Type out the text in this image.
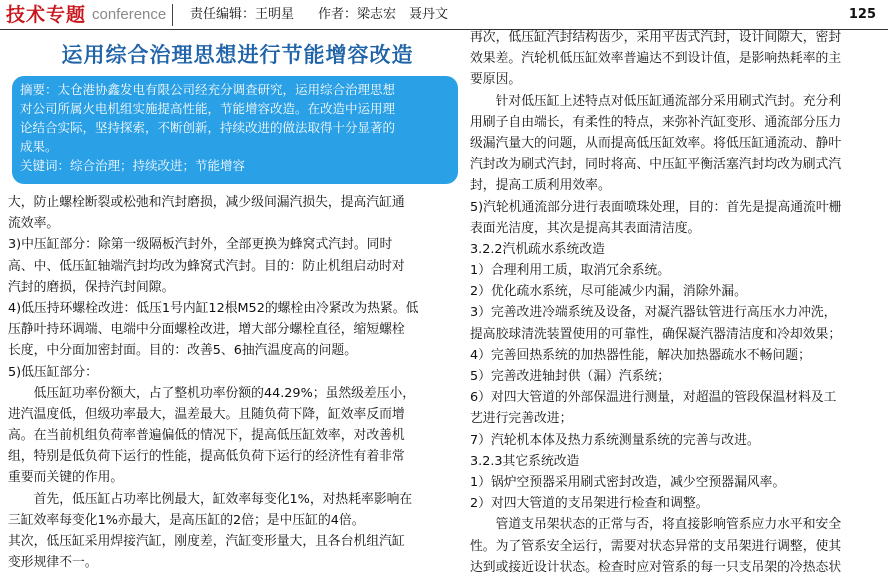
技术专题 conference 责任编辑：王明星 作者：梁志宏　聂丹文	125
运用综合治理思想进行节能增容改造
摘要：太仓港协鑫发电有限公司经充分调查研究，运用综合治理思想
对公司所属火电机组实施提高性能，节能增容改造。在改造中运用理
论结合实际，坚持探索，不断创新，持续改进的做法取得十分显著的
成果。
关键词：综合治理；持续改进；节能增容
大，防止螺栓断裂或松弛和汽封磨损，减少级间漏汽损失，提高汽缸通
流效率。
3)中压缸部分：除第一级隔板汽封外，全部更换为蜂窝式汽封。同时
高、中、低压缸轴端汽封均改为蜂窝式汽封。目的：防止机组启动时对
汽封的磨损，保持汽封间隙。
4)低压持环螺栓改进：低压1号内缸12根M52的螺栓由冷紧改为热紧。低
压静叶持环调端、电端中分面螺栓改进，增大部分螺栓直径，缩短螺栓
长度，中分面加密封面。目的：改善5、6抽汽温度高的问题。
5)低压缸部分：
　　低压缸功率份额大，占了整机功率份额的44.29%；虽然级差压小，
进汽温度低，但级功率最大，温差最大。且随负荷下降，缸效率反而增
高。在当前机组负荷率普遍偏低的情况下，提高低压缸效率，对改善机
组，特别是低负荷下运行的性能，提高低负荷下运行的经济性有着非常
重要而关键的作用。
　　首先，低压缸占功率比例最大，缸效率每变化1%，对热耗率影响在
三缸效率每变化1%亦最大，是高压缸的2倍；是中压缸的4倍。
其次，低压缸采用焊接汽缸，刚度差，汽缸变形量大，且各台机组汽缸
变形规律不一。
再次，低压缸汽封结构齿少，采用平齿式汽封，设计间隙大，密封
效果差。汽轮机低压缸效率普遍达不到设计值，是影响热耗率的主
要原因。
　　针对低压缸上述特点对低压缸通流部分采用刷式汽封。充分利
用刷子自由端长，有柔性的特点，来弥补汽缸变形、通流部分压力
级漏汽量大的问题，从而提高低压缸效率。将低压缸通流动、静叶
汽封改为刷式汽封，同时将高、中压缸平衡活塞汽封均改为刷式汽
封，提高工质利用效率。
5)汽轮机通流部分进行表面喷珠处理，目的：首先是提高通流叶栅
表面光洁度，其次是提高其表面清洁度。
3.2.2汽机疏水系统改造
1）合理利用工质，取消冗余系统。
2）优化疏水系统，尽可能减少内漏，消除外漏。
3）完善改进冷端系统及设备，对凝汽器钛管进行高压水力冲洗，
提高胶球清洗装置使用的可靠性，确保凝汽器清洁度和冷却效果；
4）完善回热系统的加热器性能，解决加热器疏水不畅问题；
5）完善改进轴封供（漏）汽系统；
6）对四大管道的外部保温进行测量，对超温的管段保温材料及工
艺进行完善改进；
7）汽轮机本体及热力系统测量系统的完善与改进。
3.2.3其它系统改造
1）锅炉空预器采用刷式密封改造，减少空预器漏风率。
2）对四大管道的支吊架进行检查和调整。
　　管道支吊架状态的正常与否，将直接影响管系应力水平和安全
性。为了管系安全运行，需要对状态异常的支吊架进行调整，使其
达到或接近设计状态。检查时应对管系的每一只支吊架的冷热态状
